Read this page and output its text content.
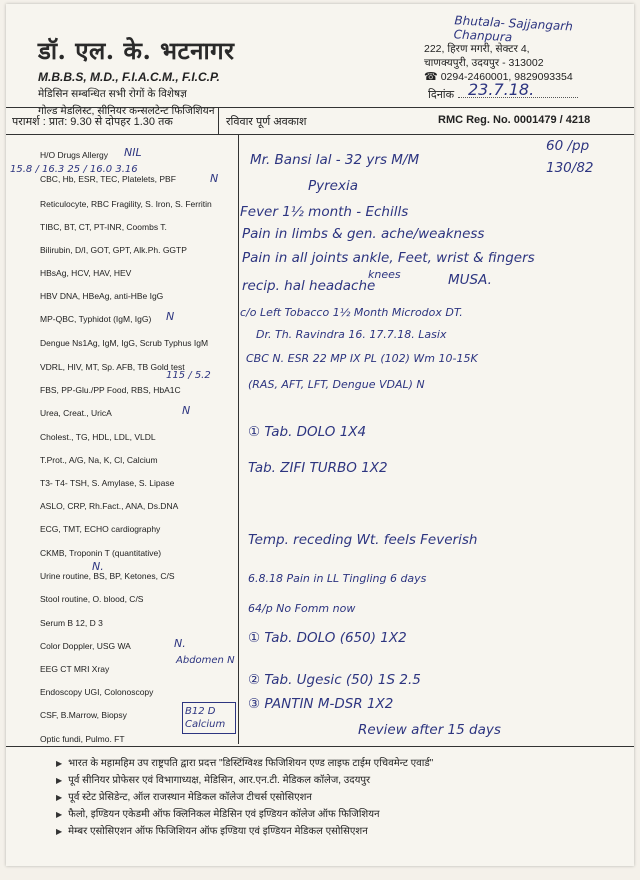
Bhutala- Sajjangarh Chanpura
डॉ. एल. के. भटनागर
M.B.B.S, M.D., F.I.A.C.M., F.I.C.P.
मेडिसिन सम्बन्धित सभी रोगों के विशेषज्ञ
गोल्ड मेडलिस्ट, सीनियर कन्सलटेन्ट फिजिशियन
222, हिरण मगरी, सेक्टर 4,
चाणक्यपुरी, उदयपुर - 313002
☎ 0294-2460001, 9829093354
दिनांक 23.7.18.
परामर्श : प्रात: 9.30 से दोपहर 1.30 तक	रविवार पूर्ण अवकाश	RMC Reg. No. 0001479 / 4218
H/O Drugs Allergy
CBC, Hb, ESR, TEC, Platelets, PBF
Reticulocyte, RBC Fragility, S. Iron, S. Ferritin
TIBC, BT, CT, PT-INR, Coombs T.
Bilirubin, D/I, GOT, GPT, Alk.Ph. GGTP
HBsAg, HCV, HAV, HEV
HBV DNA, HBeAg, anti-HBe IgG
MP-QBC, Typhidot (IgM, IgG)
Dengue Ns1Ag, IgM, IgG, Scrub Typhus IgM
VDRL, HIV, MT, Sp. AFB, TB Gold test
FBS, PP-Glu./PP Food, RBS, HbA1C
Urea, Creat., UricA
Cholest., TG, HDL, LDL, VLDL
T.Prot., A/G, Na, K, Cl, Calcium
T3- T4- TSH, S. Amylase, S. Lipase
ASLO, CRP, Rh.Fact., ANA, Ds.DNA
ECG, TMT, ECHO cardiography
CKMB, Troponin T (quantitative)
Urine routine, BS, BP, Ketones, C/S
Stool routine, O. blood, C/S
Serum B 12, D 3
Color Doppler, USG WA
EEG CT MRI Xray
Endoscopy UGI, Colonoscopy
CSF, B.Marrow, Biopsy
Optic fundi, Pulmo. FT
NIL
15.8 / 16.3 25 / 16.0 3.16
N
N
115 / 5.2
N
N.
N.
Abdomen N
B12 D Calcium
Mr. Bansi lal - 32 yrs M/M
60 /pp
130/82
Pyrexia
Fever 1½ month - Echills
Pain in limbs & gen. ache/weakness
Pain in all joints ankle, Feet, wrist & fingers
knees
recip. hal headache	MUSA.
c/o Left Tobacco 1½ Month Microdox DT.
Dr. Th. Ravindra 16. 17.7.18. Lasix
CBC N. ESR 22 MP IX PL (102) Wm 10-15K
(RAS, AFT, LFT, Dengue VDAL) N
① Tab. DOLO 1X4
Tab. ZIFI TURBO 1X2
Temp. receding Wt. feels Feverish
6.8.18 Pain in LL Tingling 6 days
64/p No Fomm now
① Tab. DOLO (650) 1X2
② Tab. Ugesic (50) 1S 2.5
③ PANTIN M-DSR 1X2
Review after 15 days
▶ भारत के महामहिम उप राष्ट्रपति द्वारा प्रदत्त "डिस्टिंग्विश्ड फिजिशियन एण्ड लाइफ टाईम एचिवमेन्ट एवार्ड"
▶ पूर्व सीनियर प्रोफेसर एवं विभागाध्यक्ष, मेडिसिन, आर.एन.टी. मेडिकल कॉलेज, उदयपुर
▶ पूर्व स्टेट प्रेसिडेन्ट, ऑल राजस्थान मेडिकल कॉलेज टीचर्स एसोसिएशन
▶ फैलो, इण्डियन एकेडमी ऑफ क्लिनिकल मेडिसिन एवं इण्डियन कॉलेज ऑफ फिजिशियन
▶ मेम्बर एसोसिएशन ऑफ फिजिशियन ऑफ इण्डिया एवं इण्डियन मेडिकल एसोसिएशन
